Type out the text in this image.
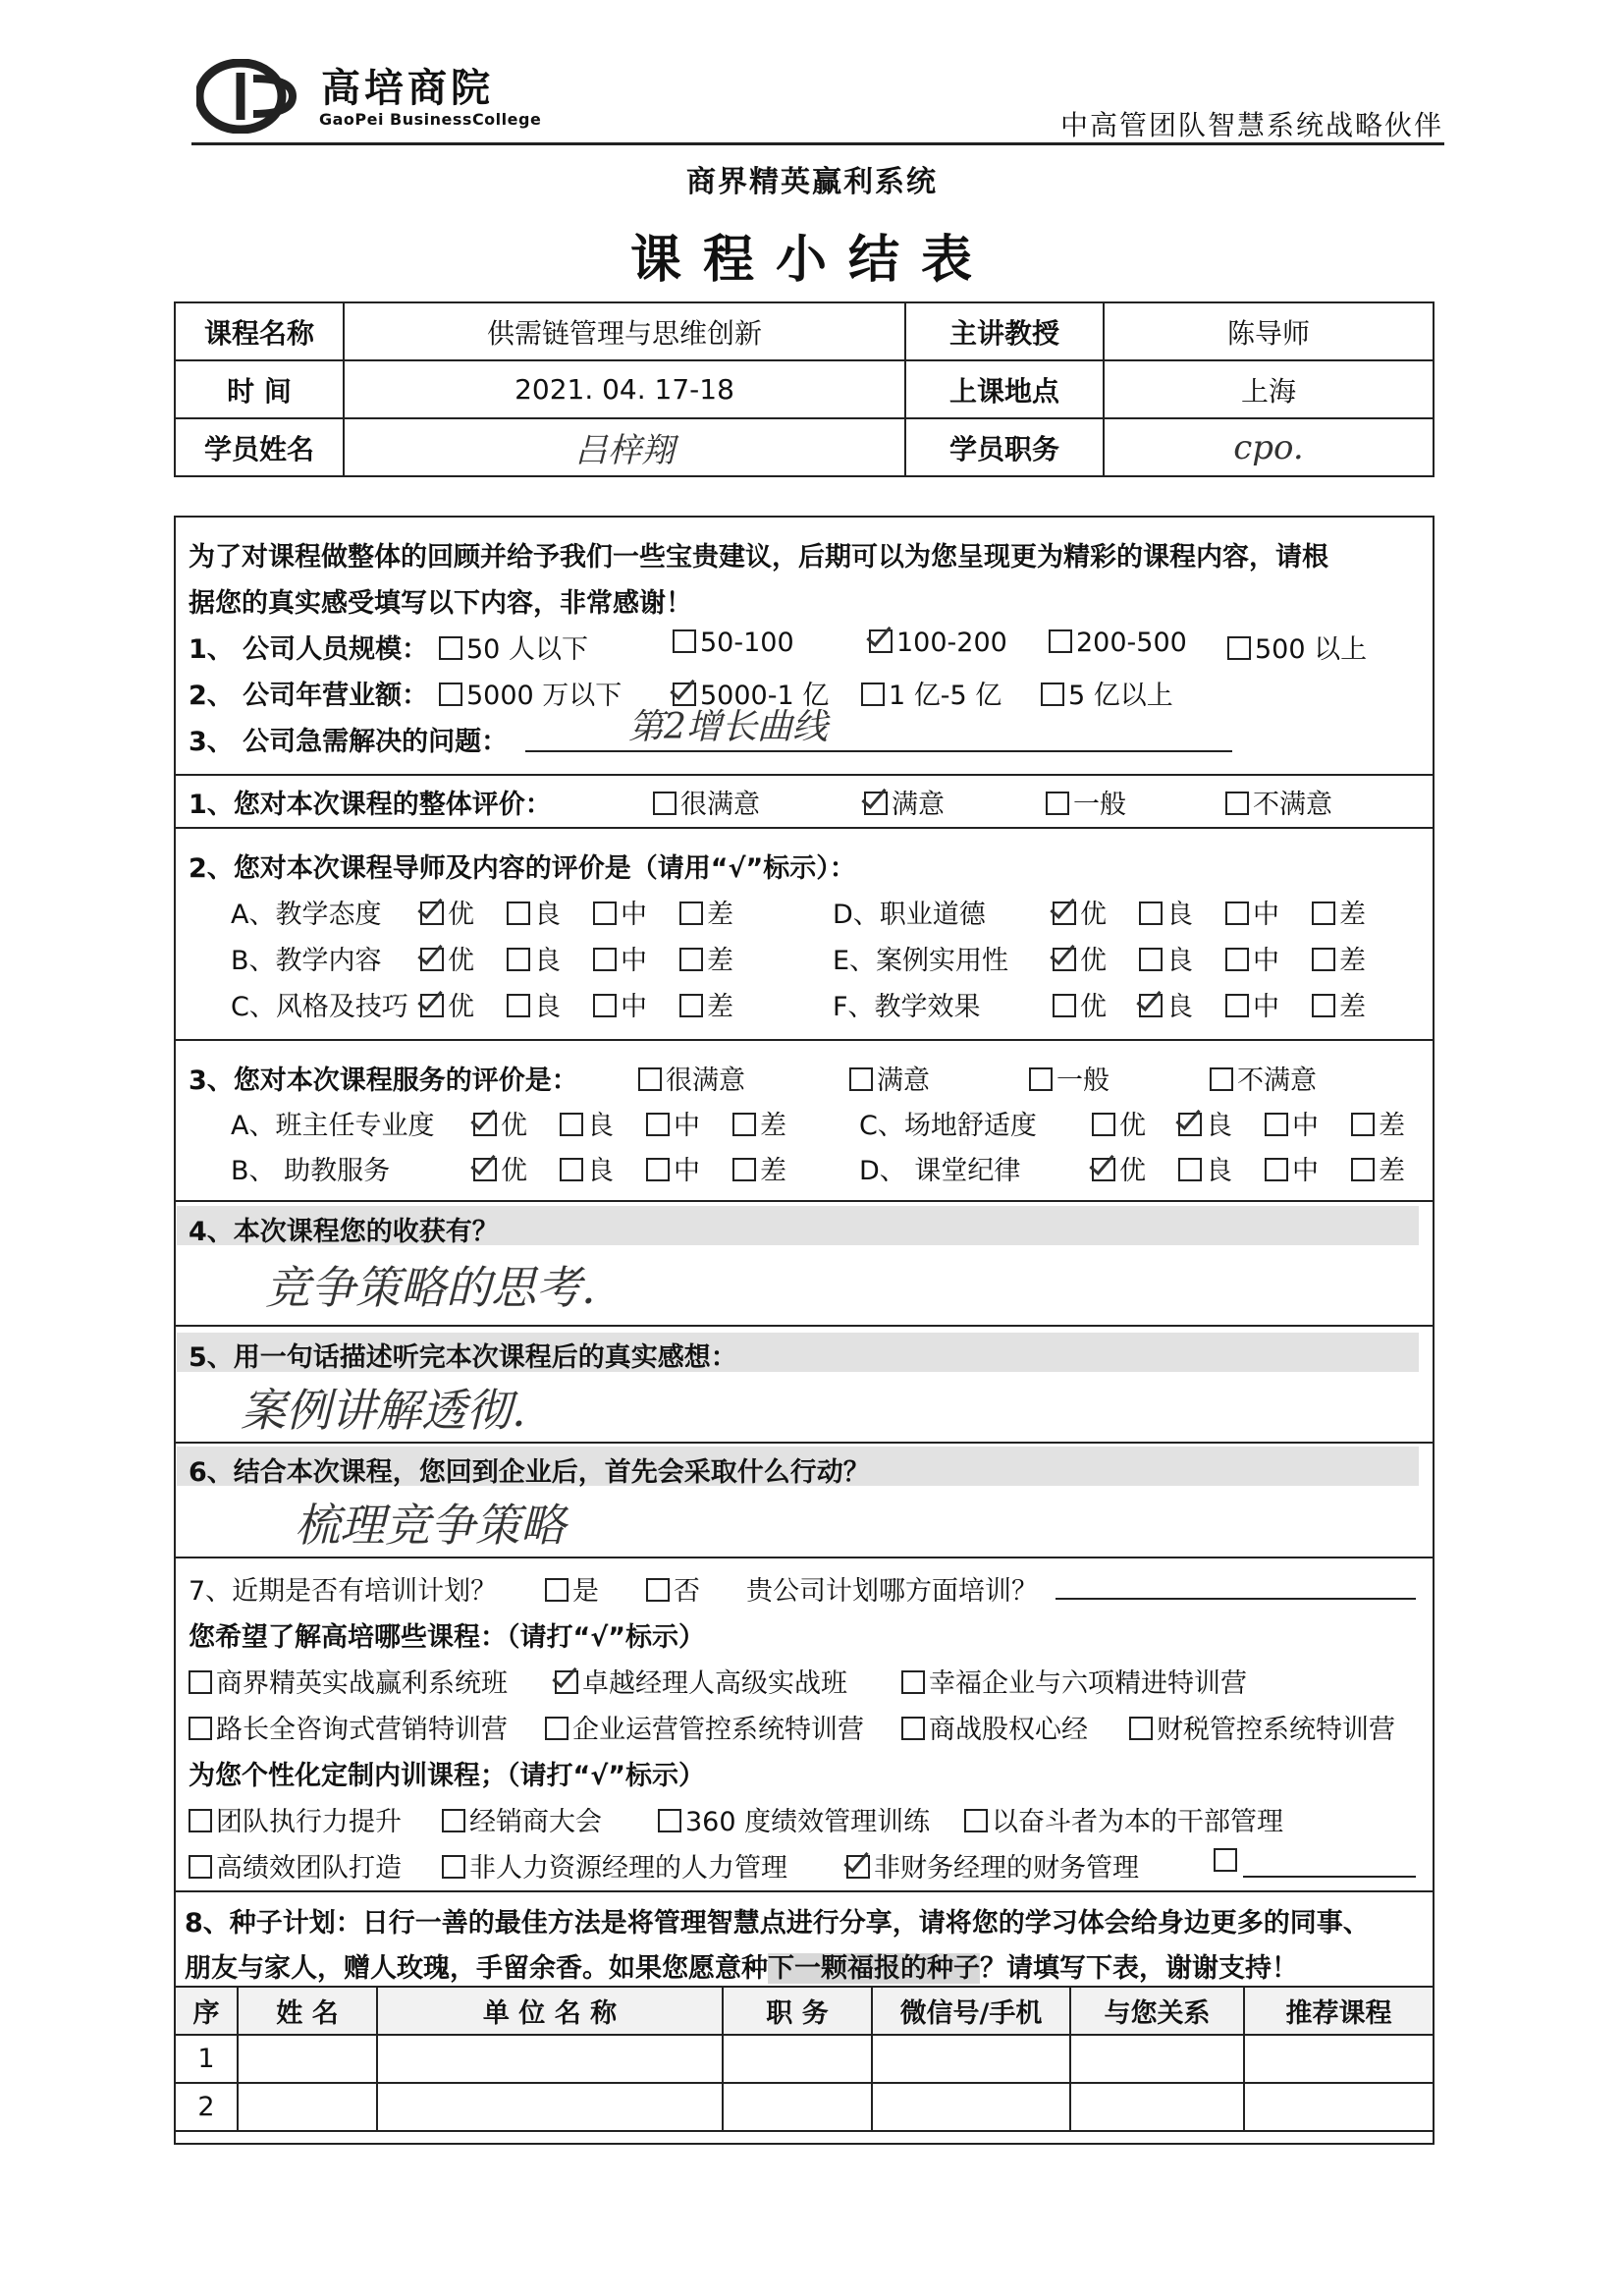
高培商院
GaoPei BusinessCollege	中高管团队智慧系统战略伙伴
商界精英赢利系统
课程小结表
课程名称	供需链管理与思维创新	主讲教授	陈导师
时 间	2021. 04. 17-18	上课地点	上海
学员姓名	吕梓翔	学员职务	cpo.
为了对课程做整体的回顾并给予我们一些宝贵建议，后期可以为您呈现更为精彩的课程内容，请根
据您的真实感受填写以下内容，非常感谢！
1、 公司人员规模：	50 人以下	50-100	100-200	200-500	500 以上
2、 公司年营业额：	5000 万以下	5000-1 亿	1 亿-5 亿	5 亿以上
3、 公司急需解决的问题：	第2增长曲线
1、您对本次课程的整体评价：	很满意	满意	一般	不满意
2、您对本次课程导师及内容的评价是（请用“√”标示）：
A、教学态度	优	良	中	差
B、教学内容	优	良	中	差
C、风格及技巧	优	良	中	差
D、职业道德	优	良	中	差
E、案例实用性	优	良	中	差
F、教学效果	优	良	中	差
3、您对本次课程服务的评价是：	很满意	满意	一般	不满意
A、班主任专业度	优	良	中	差
B、 助教服务	优	良	中	差
C、场地舒适度	优	良	中	差
D、 课堂纪律	优	良	中	差
4、本次课程您的收获有？
竞争策略的思考.
5、用一句话描述听完本次课程后的真实感想：
案例讲解透彻.
6、结合本次课程，您回到企业后，首先会采取什么行动？
梳理竞争策略
7、近期是否有培训计划？	是	否 贵公司计划哪方面培训？
您希望了解高培哪些课程：（请打“√”标示）
商界精英实战赢利系统班	卓越经理人高级实战班	幸福企业与六项精进特训营
路长全咨询式营销特训营	企业运营管控系统特训营	商战股权心经	财税管控系统特训营
为您个性化定制内训课程；（请打“√”标示）
团队执行力提升	经销商大会	360 度绩效管理训练	以奋斗者为本的干部管理
高绩效团队打造	非人力资源经理的人力管理	非财务经理的财务管理
8、种子计划：日行一善的最佳方法是将管理智慧点进行分享，请将您的学习体会给身边更多的同事、
朋友与家人，赠人玫瑰，手留余香。如果您愿意种下一颗福报的种子？请填写下表，谢谢支持！
序	姓 名	单 位 名 称	职 务	微信号/手机	与您关系	推荐课程
1						
2						
